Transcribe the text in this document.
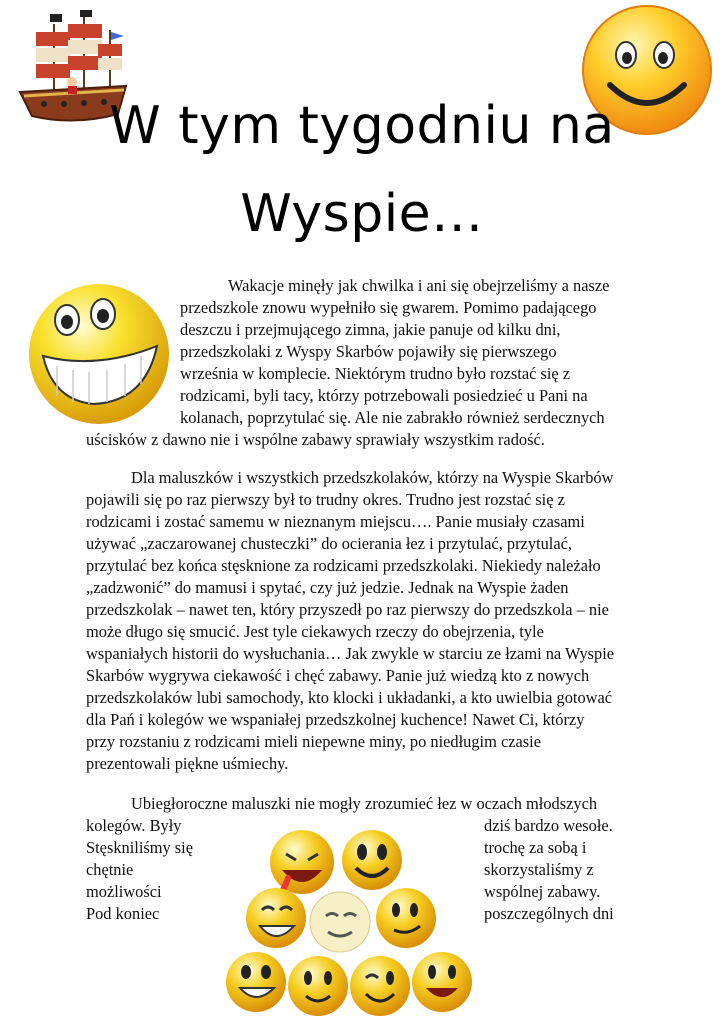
W tym tygodniu na
Wyspie…
Wakacje minęły jak chwilka i ani się obejrzeliśmy a nasze
przedszkole znowu wypełniło się gwarem. Pomimo padającego
deszczu i przejmującego zimna, jakie panuje od kilku dni,
przedszkolaki z Wyspy Skarbów pojawiły się pierwszego
września w komplecie. Niektórym trudno było rozstać się z
rodzicami, byli tacy, którzy potrzebowali posiedzieć u Pani na
kolanach, poprzytulać się. Ale nie zabrakło również serdecznych
uścisków z dawno nie i wspólne zabawy sprawiały wszystkim radość.
Dla maluszków i wszystkich przedszkolaków, którzy na Wyspie Skarbów
pojawili się po raz pierwszy był to trudny okres. Trudno jest rozstać się z
rodzicami i zostać samemu w nieznanym miejscu…. Panie musiały czasami
używać „zaczarowanej chusteczki” do ocierania łez i przytulać, przytulać,
przytulać bez końca stęsknione za rodzicami przedszkolaki. Niekiedy należało
„zadzwonić” do mamusi i spytać, czy już jedzie. Jednak na Wyspie żaden
przedszkolak – nawet ten, który przyszedł po raz pierwszy do przedszkola – nie
może długo się smucić. Jest tyle ciekawych rzeczy do obejrzenia, tyle
wspaniałych historii do wysłuchania… Jak zwykle w starciu ze łzami na Wyspie
Skarbów wygrywa ciekawość i chęć zabawy. Panie już wiedzą kto z nowych
przedszkolaków lubi samochody, kto klocki i układanki, a kto uwielbia gotować
dla Pań i kolegów we wspaniałej przedszkolnej kuchence! Nawet Ci, którzy
przy rozstaniu z rodzicami mieli niepewne miny, po niedługim czasie
prezentowali piękne uśmiechy.
Ubiegłoroczne maluszki nie mogły zrozumieć łez w oczach młodszych
kolegów. Były
Stęskniliśmy się
chętnie
możliwości
Pod koniec
dziś bardzo wesołe.
trochę za sobą i
skorzystaliśmy z
wspólnej zabawy.
poszczególnych dni
